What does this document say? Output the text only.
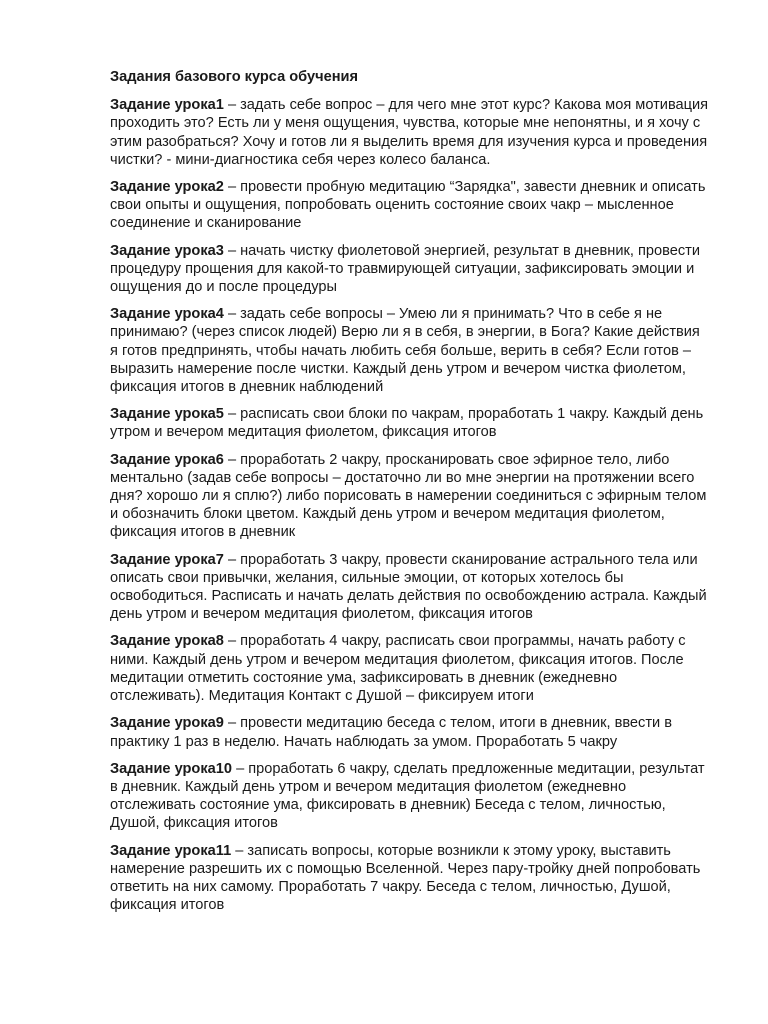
Задания базового курса обучения

Задание урока1 – задать себе вопрос – для чего мне этот курс? Какова моя мотивация проходить это? Есть ли у меня ощущения, чувства, которые мне непонятны, и я хочу с этим разобраться? Хочу и готов ли я выделить время для изучения курса и проведения чистки? - мини-диагностика себя через колесо баланса.

Задание урока2 – провести пробную медитацию “Зарядка", завести дневник и описать свои опыты и ощущения, попробовать оценить состояние своих чакр – мысленное соединение и сканирование

Задание урока3 – начать чистку фиолетовой энергией, результат в дневник, провести процедуру прощения для какой-то травмирующей ситуации, зафиксировать эмоции и ощущения до и после процедуры

Задание урока4 – задать себе вопросы – Умею ли я принимать? Что в себе я не принимаю? (через список людей) Верю ли я в себя, в энергии, в Бога? Какие действия я готов предпринять, чтобы начать любить себя больше, верить в себя? Если готов – выразить намерение после чистки. Каждый день утром и вечером чистка фиолетом, фиксация итогов в дневник наблюдений

Задание урока5 – расписать свои блоки по чакрам, проработать 1 чакру. Каждый день утром и вечером медитация фиолетом, фиксация итогов

Задание урока6 – проработать 2 чакру, просканировать свое эфирное тело, либо ментально (задав себе вопросы – достаточно ли во мне энергии на протяжении всего дня? хорошо ли я сплю?) либо порисовать в намерении соединиться с эфирным телом и обозначить блоки цветом. Каждый день утром и вечером медитация фиолетом, фиксация итогов в дневник

Задание урока7 – проработать 3 чакру, провести сканирование астрального тела или описать свои привычки, желания, сильные эмоции, от которых хотелось бы освободиться. Расписать и начать делать действия по освобождению астрала. Каждый день утром и вечером медитация фиолетом, фиксация итогов

Задание урока8 – проработать 4 чакру, расписать свои программы, начать работу с ними. Каждый день утром и вечером медитация фиолетом, фиксация итогов. После медитации отметить состояние ума, зафиксировать в дневник (ежедневно отслеживать). Медитация Контакт с Душой – фиксируем итоги

Задание урока9 – провести медитацию беседа с телом, итоги в дневник, ввести в практику 1 раз в неделю. Начать наблюдать за умом. Проработать 5 чакру

Задание урока10 – проработать 6 чакру, сделать предложенные медитации, результат в дневник. Каждый день утром и вечером медитация фиолетом (ежедневно отслеживать состояние ума, фиксировать в дневник) Беседа с телом, личностью, Душой, фиксация итогов

Задание урока11 – записать вопросы, которые возникли к этому уроку, выставить намерение разрешить их с помощью Вселенной. Через пару-тройку дней попробовать ответить на них самому. Проработать 7 чакру. Беседа с телом, личностью, Душой, фиксация итогов
